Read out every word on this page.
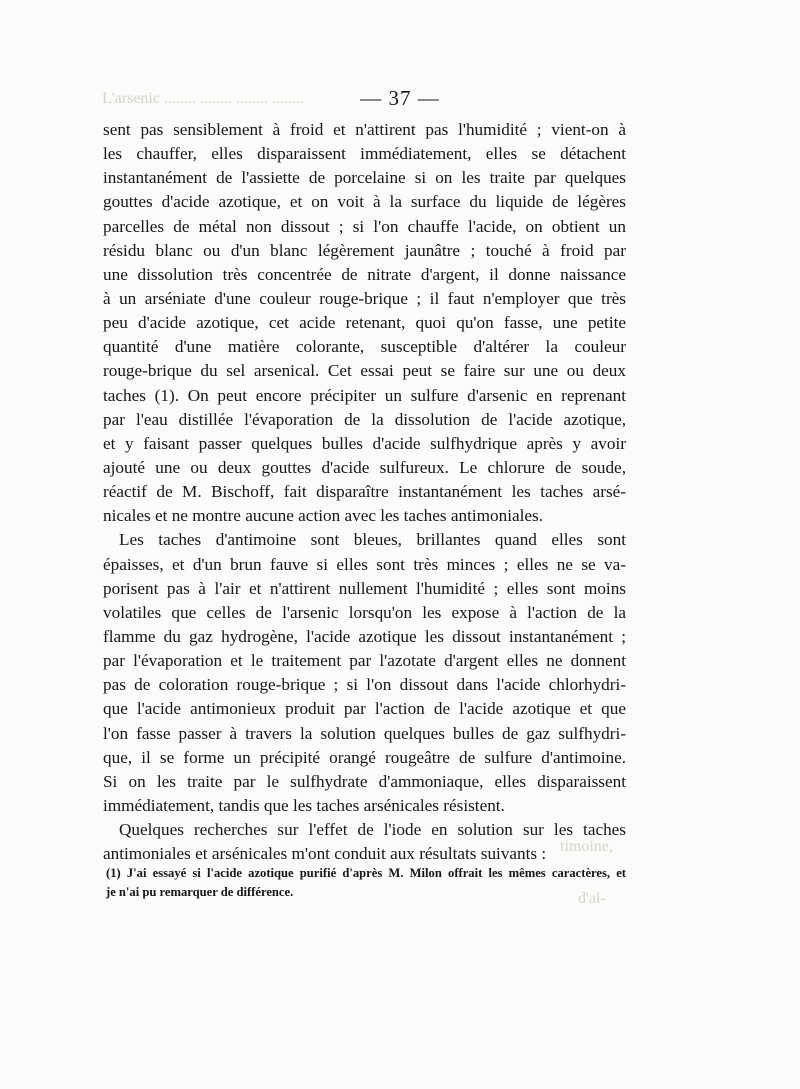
L'arsenic ........ ........ ........ ........
timoine,
d'ai-
— 37 —
sent pas sensiblement à froid et n'attirent pas l'humidité ; vient-on à
les chauffer, elles disparaissent immédiatement, elles se détachent
instantanément de l'assiette de porcelaine si on les traite par quelques
gouttes d'acide azotique, et on voit à la surface du liquide de légères
parcelles de métal non dissout ; si l'on chauffe l'acide, on obtient un
résidu blanc ou d'un blanc légèrement jaunâtre ; touché à froid par
une dissolution très concentrée de nitrate d'argent, il donne naissance
à un arséniate d'une couleur rouge-brique ; il faut n'employer que très
peu d'acide azotique, cet acide retenant, quoi qu'on fasse, une petite
quantité d'une matière colorante, susceptible d'altérer la couleur
rouge-brique du sel arsenical. Cet essai peut se faire sur une ou deux
taches (1). On peut encore précipiter un sulfure d'arsenic en reprenant
par l'eau distillée l'évaporation de la dissolution de l'acide azotique,
et y faisant passer quelques bulles d'acide sulfhydrique après y avoir
ajouté une ou deux gouttes d'acide sulfureux. Le chlorure de soude,
réactif de M. Bischoff, fait disparaître instantanément les taches arsé-
nicales et ne montre aucune action avec les taches antimoniales.
Les taches d'antimoine sont bleues, brillantes quand elles sont
épaisses, et d'un brun fauve si elles sont très minces ; elles ne se va-
porisent pas à l'air et n'attirent nullement l'humidité ; elles sont moins
volatiles que celles de l'arsenic lorsqu'on les expose à l'action de la
flamme du gaz hydrogène, l'acide azotique les dissout instantanément ;
par l'évaporation et le traitement par l'azotate d'argent elles ne donnent
pas de coloration rouge-brique ; si l'on dissout dans l'acide chlorhydri-
que l'acide antimonieux produit par l'action de l'acide azotique et que
l'on fasse passer à travers la solution quelques bulles de gaz sulfhydri-
que, il se forme un précipité orangé rougeâtre de sulfure d'antimoine.
Si on les traite par le sulfhydrate d'ammoniaque, elles disparaissent
immédiatement, tandis que les taches arsénicales résistent.
Quelques recherches sur l'effet de l'iode en solution sur les taches
antimoniales et arsénicales m'ont conduit aux résultats suivants :
(1) J'ai essayé si l'acide azotique purifié d'après M. Milon offrait les mêmes caractères, et
je n'ai pu remarquer de différence.
